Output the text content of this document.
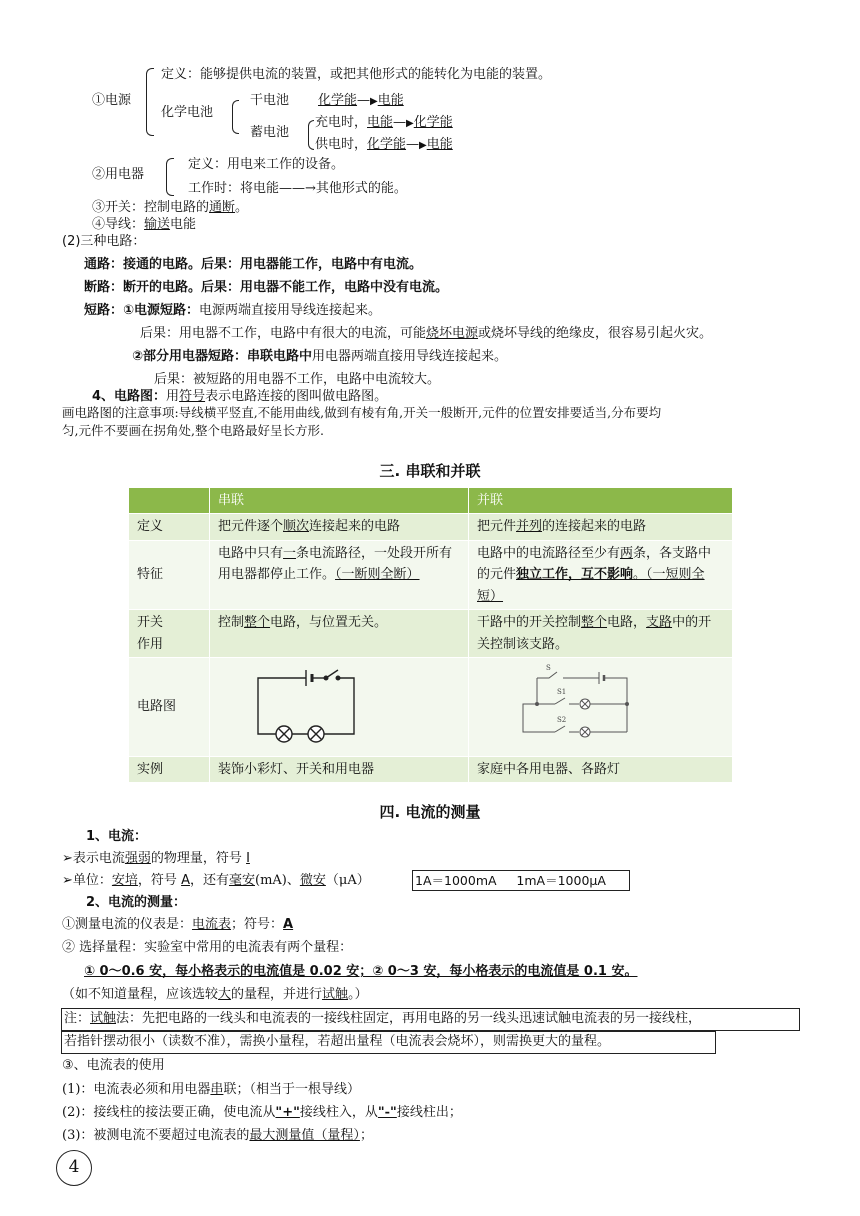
①电源
定义：能够提供电流的装置，或把其他形式的能转化为电能的装置。
化学电池
干电池 化学能—▶电能
蓄电池
充电时，电能—▶化学能
供电时，化学能—▶电能
②用电器
定义：用电来工作的设备。
工作时：将电能——→其他形式的能。
③开关：控制电路的通断。
④导线：输送电能
(2)三种电路：
通路：接通的电路。后果：用电器能工作，电路中有电流。
断路：断开的电路。后果：用电器不能工作，电路中没有电流。
短路：①电源短路：电源两端直接用导线连接起来。
后果：用电器不工作，电路中有很大的电流，可能烧坏电源或烧坏导线的绝缘皮，很容易引起火灾。
②部分用电器短路：串联电路中用电器两端直接用导线连接起来。
后果：被短路的用电器不工作，电路中电流较大。
4、电路图：用符号表示电路连接的图叫做电路图。
画电路图的注意事项:导线横平竖直,不能用曲线,做到有棱有角,开关一般断开,元件的位置安排要适当,分布要均
匀,元件不要画在拐角处,整个电路最好呈长方形.
三. 串联和并联
	串联	并联
定义	把元件逐个顺次连接起来的电路	把元件并列的连接起来的电路
特征	电路中只有一条电流路径，一处段开所有用电器都停止工作。（一断则全断）	电路中的电流路径至少有两条，各支路中的元件独立工作，互不影响。（一短则全短）
开关
作用	控制整个电路，与位置无关。	干路中的开关控制整个电路，支路中的开关控制该支路。
电路图		S
S1
S2

实例	装饰小彩灯、开关和用电器	家庭中各用电器、各路灯
四. 电流的测量
1、电流：
➢表示电流强弱的物理量，符号 I
➢单位：安培，符号 A，还有毫安(mA)、微安（μA）	1A＝1000mA     1mA＝1000μA
2、电流的测量：
①测量电流的仪表是：电流表；符号：A
② 选择量程：实验室中常用的电流表有两个量程：
① 0～0.6 安，每小格表示的电流值是 0.02 安；② 0～3 安，每小格表示的电流值是 0.1 安。
（如不知道量程，应该选较大的量程，并进行试触。）
注：试触法：先把电路的一线头和电流表的一接线柱固定，再用电路的另一线头迅速试触电流表的另一接线柱，
若指针摆动很小（读数不准），需换小量程，若超出量程（电流表会烧坏），则需换更大的量程。
③、电流表的使用
(1)：电流表必须和用电器串联；（相当于一根导线）
(2)：接线柱的接法要正确，使电流从"+"接线柱入，从"-"接线柱出；
(3)：被测电流不要超过电流表的最大测量值（量程）；
4
